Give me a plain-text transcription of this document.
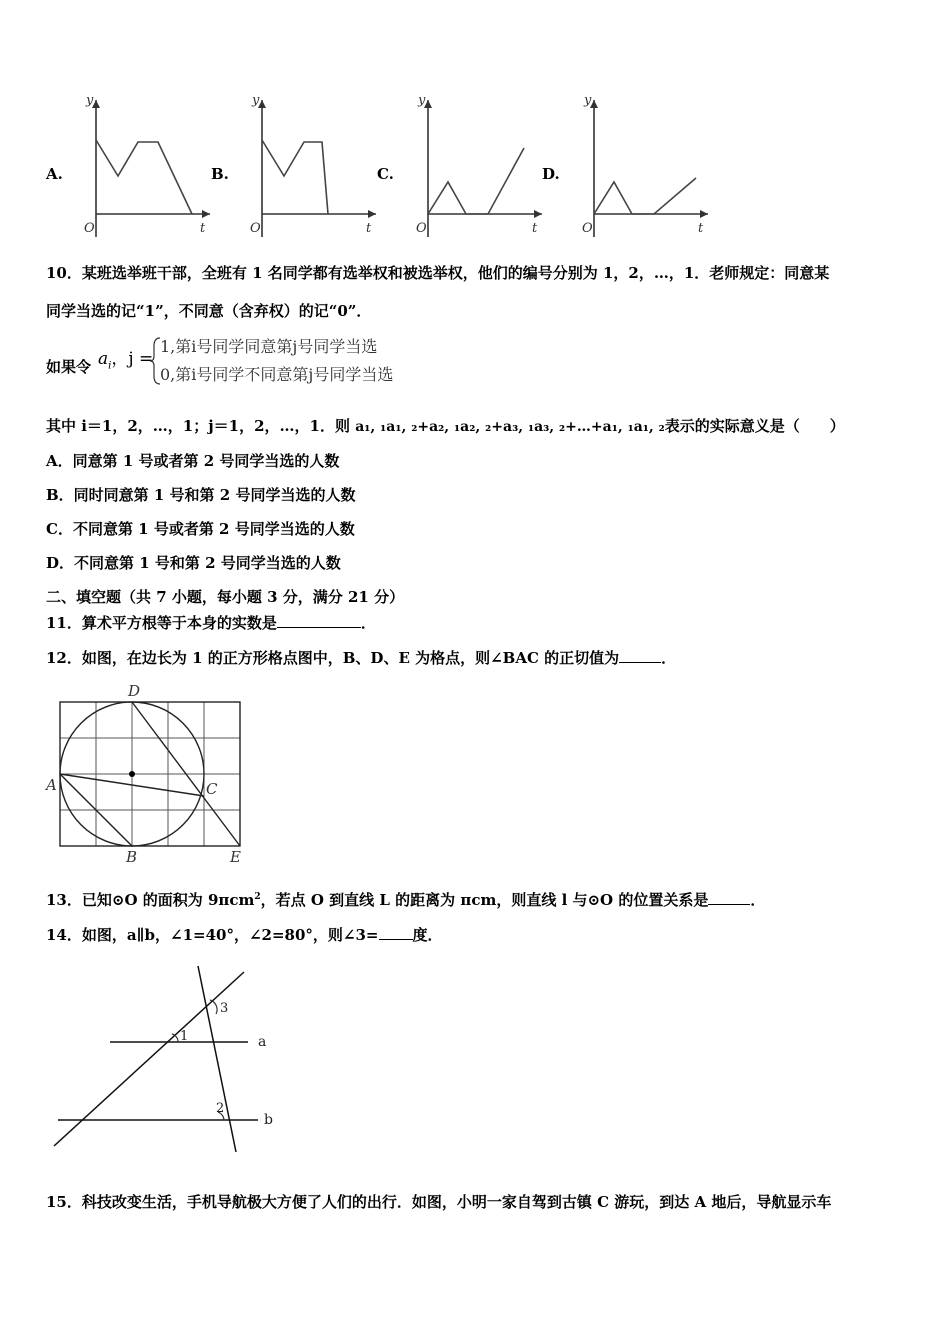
A.	B.	C.	D.
y
O	t
y
O	t
y
O	t
y
O	t
10．某班选举班干部，全班有 1 名同学都有选举权和被选举权，他们的编号分别为 1，2，…，1．老师规定：同意某
同学当选的记“1”，不同意（含弃权）的记“0”．
如果令 $a_i$，j =
1,第i号同学同意第j号同学当选
0,第i号同学不同意第j号同学当选
其中 i＝1，2，…，1；j＝1，2，…，1．则 a₁, ₁a₁, ₂+a₂, ₁a₂, ₂+a₃, ₁a₃, ₂+…+a₁, ₁a₁, ₂表示的实际意义是（　　）
A．同意第 1 号或者第 2 号同学当选的人数
B．同时同意第 1 号和第 2 号同学当选的人数
C．不同意第 1 号或者第 2 号同学当选的人数
D．不同意第 1 号和第 2 号同学当选的人数
二、填空题（共 7 小题，每小题 3 分，满分 21 分）
11．算术平方根等于本身的实数是	．
12．如图，在边长为 1 的正方形格点图中，B、D、E 为格点，则∠BAC 的正切值为	．
A
B
C
D
E
13．已知⊙O 的面积为 9πcm$^2$，若点 O 到直线 L 的距离为 πcm，则直线 l 与⊙O 的位置关系是	．
14．如图，a∥b，∠1=40°，∠2=80°，则∠3= 度．
1
2
3
a
b
15．科技改变生活，手机导航极大方便了人们的出行．如图，小明一家自驾到古镇 C 游玩，到达 A 地后，导航显示车
